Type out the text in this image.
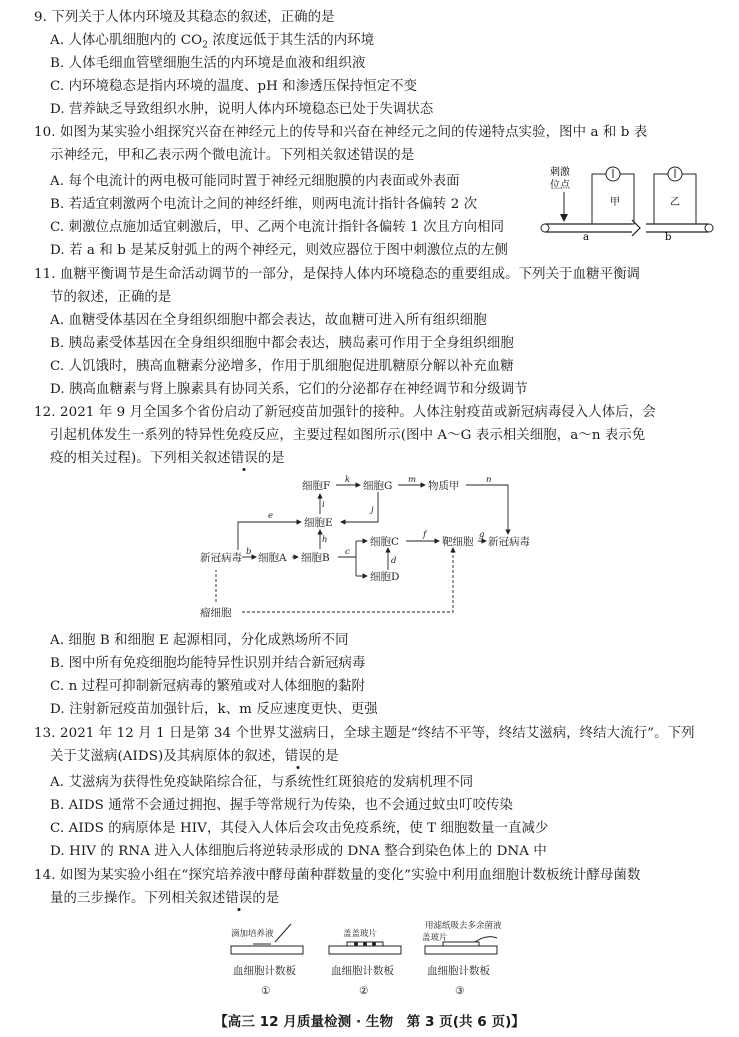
9. 下列关于人体内环境及其稳态的叙述，正确的是
A. 人体心肌细胞内的 $CO_2$ 浓度远低于其生活的内环境
B. 人体毛细血管壁细胞生活的内环境是血液和组织液
C. 内环境稳态是指内环境的温度、pH 和渗透压保持恒定不变
D. 营养缺乏导致组织水肿，说明人体内环境稳态已处于失调状态
10. 如图为某实验小组探究兴奋在神经元上的传导和兴奋在神经元之间的传递特点实验，图中 a 和 b 表
示神经元，甲和乙表示两个微电流计。下列相关叙述错误的是
A. 每个电流计的两电极可能同时置于神经元细胞膜的内表面或外表面
B. 若适宜刺激两个电流计之间的神经纤维，则两电流计指针各偏转 2 次
C. 刺激位点施加适宜刺激后，甲、乙两个电流计指针各偏转 1 次且方向相同
D. 若 a 和 b 是某反射弧上的两个神经元，则效应器位于图中刺激位点的左侧
刺激
位点
甲	乙
a	b
11. 血糖平衡调节是生命活动调节的一部分，是保持人体内环境稳态的重要组成。下列关于血糖平衡调
节的叙述，正确的是
A. 血糖受体基因在全身组织细胞中都会表达，故血糖可进入所有组织细胞
B. 胰岛素受体基因在全身组织细胞中都会表达，胰岛素可作用于全身组织细胞
C. 人饥饿时，胰高血糖素分泌增多，作用于肌细胞促进肌糖原分解以补充血糖
D. 胰高血糖素与肾上腺素具有协同关系，它们的分泌都存在神经调节和分级调节
12. 2021 年 9 月全国多个省份启动了新冠疫苗加强针的接种。人体注射疫苗或新冠病毒侵入人体后，会
引起机体发生一系列的特异性免疫反应，主要过程如图所示(图中 A～G 表示相关细胞，a～n 表示免
疫的相关过程)。下列相关叙述错误的是
细胞F	细胞G	物质甲
细胞E
细胞C	靶细胞 新冠病毒
新冠病毒 细胞A 细胞B
细胞D
瘤细胞
k	m	n
i	j
e
h
b	c
d
f	g
A. 细胞 B 和细胞 E 起源相同，分化成熟场所不同
B. 图中所有免疫细胞均能特异性识别并结合新冠病毒
C. n 过程可抑制新冠病毒的繁殖或对人体细胞的黏附
D. 注射新冠疫苗加强针后，k、m 反应速度更快、更强
13. 2021 年 12 月 1 日是第 34 个世界艾滋病日，全球主题是“终结不平等，终结艾滋病，终结大流行”。下列
关于艾滋病(AIDS)及其病原体的叙述，错误的是
A. 艾滋病为获得性免疫缺陷综合征，与系统性红斑狼疮的发病机理不同
B. AIDS 通常不会通过拥抱、握手等常规行为传染，也不会通过蚊虫叮咬传染
C. AIDS 的病原体是 HIV，其侵入人体后会攻击免疫系统，使 T 细胞数量一直减少
D. HIV 的 RNA 进入人体细胞后将逆转录形成的 DNA 整合到染色体上的 DNA 中
14. 如图为某实验小组在“探究培养液中酵母菌种群数量的变化”实验中利用血细胞计数板统计酵母菌数
量的三步操作。下列相关叙述错误的是
滴加培养液	盖盖玻片
用滤纸吸去多余菌液
盖玻片
血细胞计数板	血细胞计数板	血细胞计数板
①	②	③
【高三 12 月质量检测 · 生物　第 3 页(共 6 页)】
